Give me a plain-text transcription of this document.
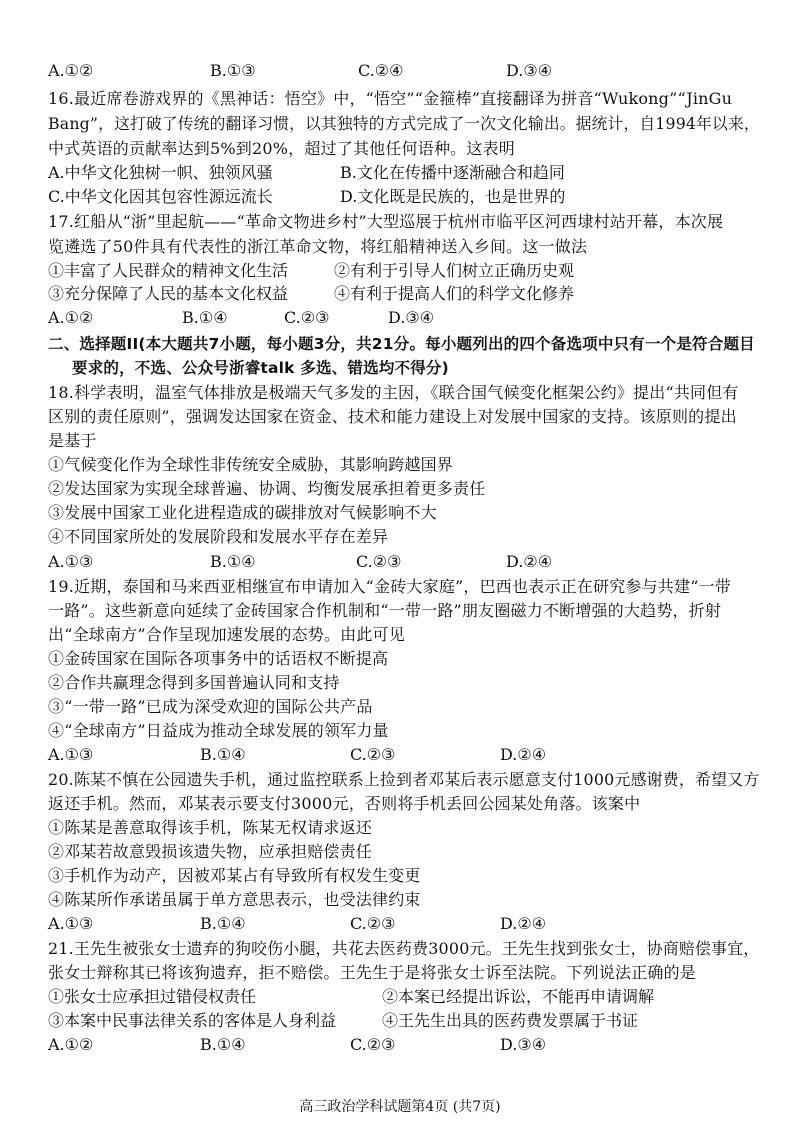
A.①②	B.①③	C.②④	D.③④
16.最近席卷游戏界的《黑神话：悟空》中，“悟空”“金箍棒”直接翻译为拼音“Wukong”“JinGu
Bang”，这打破了传统的翻译习惯，以其独特的方式完成了一次文化输出。据统计，自1994年以来，
中式英语的贡献率达到5%到20%，超过了其他任何语种。这表明
A.中华文化独树一帜、独领风骚	B.文化在传播中逐渐融合和趋同
C.中华文化因其包容性源远流长	D.文化既是民族的，也是世界的
17.红船从“浙”里起航——“革命文物进乡村”大型巡展于杭州市临平区河西埭村站开幕，本次展
览遴选了50件具有代表性的浙江革命文物，将红船精神送入乡间。这一做法
①丰富了人民群众的精神文化生活	②有利于引导人们树立正确历史观
③充分保障了人民的基本文化权益	④有利于提高人们的科学文化修养
A.①②	B.①④	C.②③	D.③④
二、选择题II(本大题共7小题，每小题3分，共21分。每小题列出的四个备选项中只有一个是符合题目
要求的，不选、公众号浙睿talk 多选、错选均不得分)
18.科学表明，温室气体排放是极端天气多发的主因，《联合国气候变化框架公约》提出“共同但有
区别的责任原则”，强调发达国家在资金、技术和能力建设上对发展中国家的支持。该原则的提出
是基于
①气候变化作为全球性非传统安全威胁，其影响跨越国界
②发达国家为实现全球普遍、协调、均衡发展承担着更多责任
③发展中国家工业化进程造成的碳排放对气候影响不大
④不同国家所处的发展阶段和发展水平存在差异
A.①③	B.①④	C.②③	D.②④
19.近期，泰国和马来西亚相继宣布申请加入“金砖大家庭”，巴西也表示正在研究参与共建“一带
一路”。这些新意向延续了金砖国家合作机制和“一带一路”朋友圈磁力不断增强的大趋势，折射
出“全球南方”合作呈现加速发展的态势。由此可见
①金砖国家在国际各项事务中的话语权不断提高
②合作共赢理念得到多国普遍认同和支持
③“一带一路”已成为深受欢迎的国际公共产品
④“全球南方”日益成为推动全球发展的领军力量
A.①③	B.①④	C.②③	D.②④
20.陈某不慎在公园遗失手机，通过监控联系上捡到者邓某后表示愿意支付1000元感谢费，希望又方
返还手机。然而，邓某表示要支付3000元，否则将手机丢回公园某处角落。该案中
①陈某是善意取得该手机，陈某无权请求返还
②邓某若故意毁损该遗失物，应承担赔偿责任
③手机作为动产，因被邓某占有导致所有权发生变更
④陈某所作承诺虽属于单方意思表示，也受法律约束
A.①③	B.①④	C.②③	D.②④
21.王先生被张女士遗弃的狗咬伤小腿，共花去医药费3000元。王先生找到张女士，协商赔偿事宜，
张女士辩称其已将该狗遗弃，拒不赔偿。王先生于是将张女士诉至法院。下列说法正确的是
①张女士应承担过错侵权责任	②本案已经提出诉讼，不能再申请调解
③本案中民事法律关系的客体是人身利益	④王先生出具的医药费发票属于书证
A.①②	B.①④	C.②③	D.③④
高三政治学科试题第4页 (共7页)
